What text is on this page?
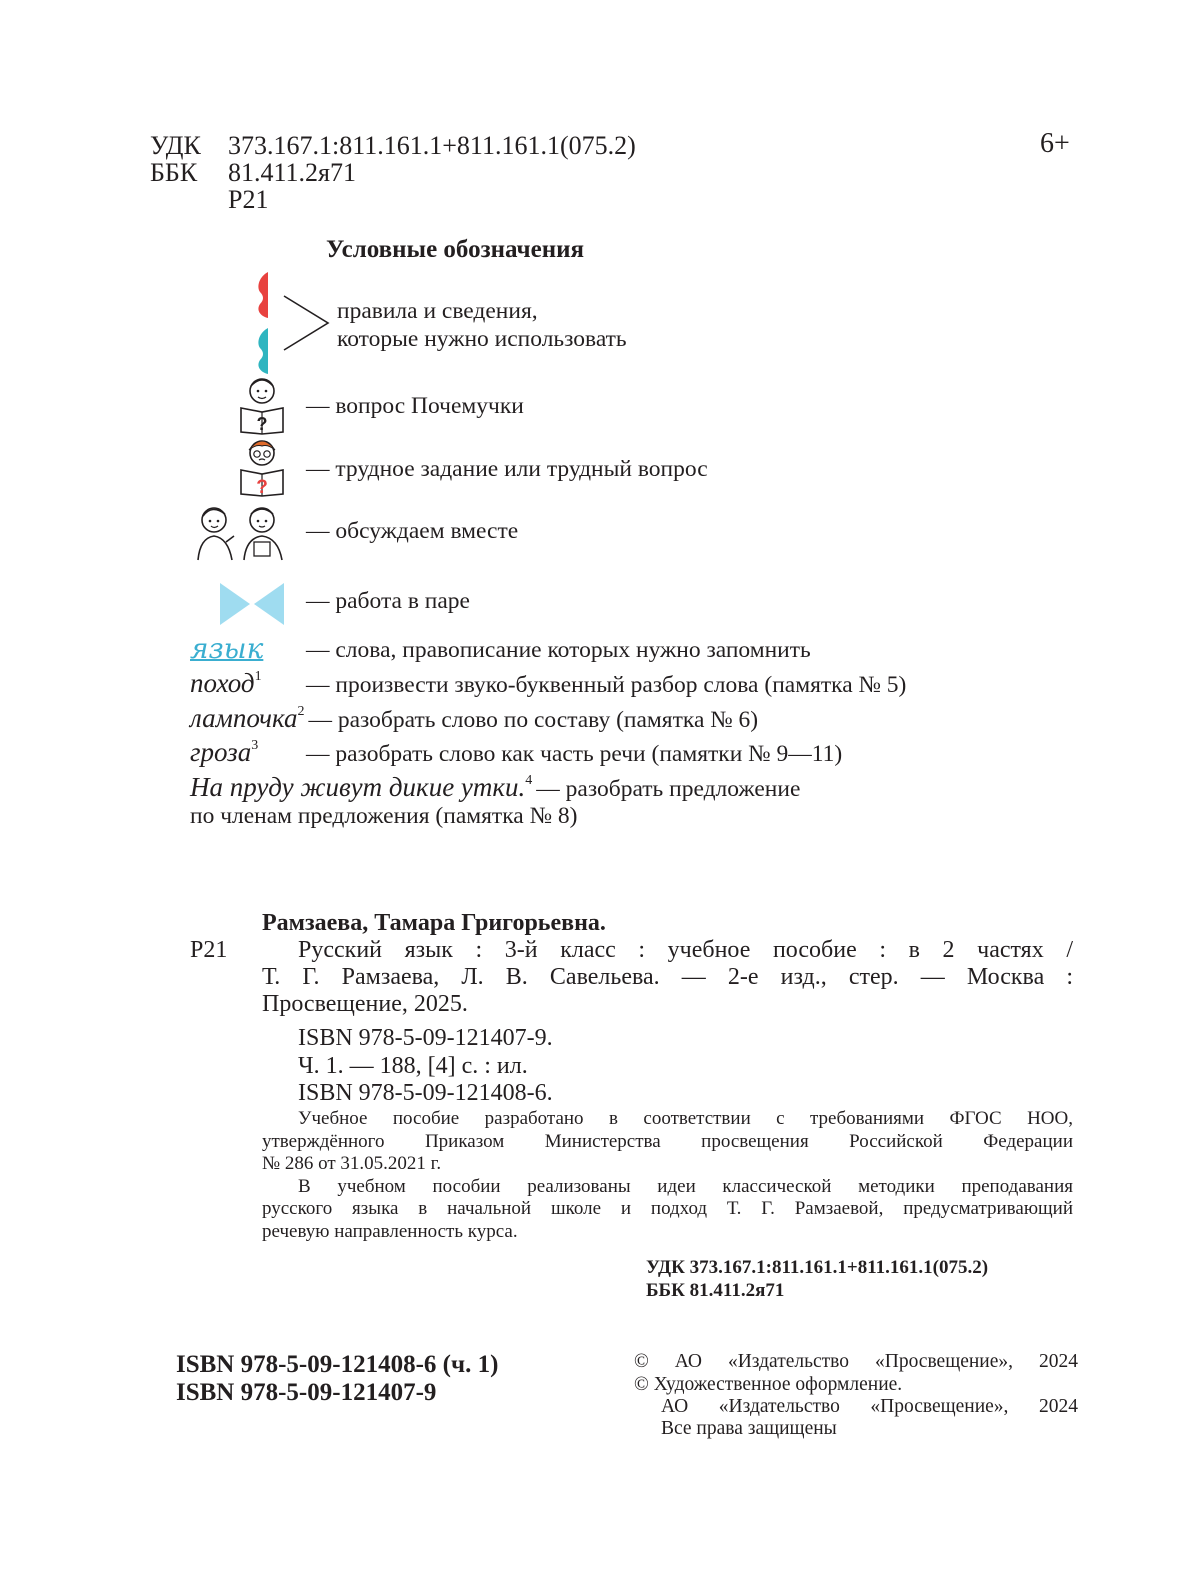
УДК 373.167.1:811.161.1+811.161.1(075.2)
ББК 81.411.2я71
Р21
6+
Условные обозначения
правила и сведения,
которые нужно использовать
?
— вопрос Почемучки
?
— трудное задание или трудный вопрос
— обсуждаем вместе
— работа в паре
язык — слова, правописание которых нужно запомнить
поход1 — произвести звуко-буквенный разбор слова (памятка № 5)
лампочка2 — разобрать слово по составу (памятка № 6)
гроза3 — разобрать слово как часть речи (памятки № 9—11)
На пруду живут дикие утки.4 — разобрать предложение
по членам предложения (памятка № 8)
Рамзаева, Тамара Григорьевна.
Р21	Русский язык : 3-й класс : учебное пособие : в 2 частях /
Т. Г. Рамзаева, Л. В. Савельева. — 2-е изд., стер. — Москва :
Просвещение, 2025.
ISBN 978-5-09-121407-9.
Ч. 1. — 188, [4] с. : ил.
ISBN 978-5-09-121408-6.
Учебное пособие разработано в соответствии с требованиями ФГОС НОО,
утверждённого Приказом Министерства просвещения Российской Федерации
№ 286 от 31.05.2021 г.
В учебном пособии реализованы идеи классической методики преподавания
русского языка в начальной школе и подход Т. Г. Рамзаевой, предусматривающий
речевую направленность курса.
УДК 373.167.1:811.161.1+811.161.1(075.2)
ББК 81.411.2я71
ISBN 978-5-09-121408-6 (ч. 1)
ISBN 978-5-09-121407-9
© АО «Издательство «Просвещение», 2024
© Художественное оформление.
АО «Издательство «Просвещение», 2024
Все права защищены
